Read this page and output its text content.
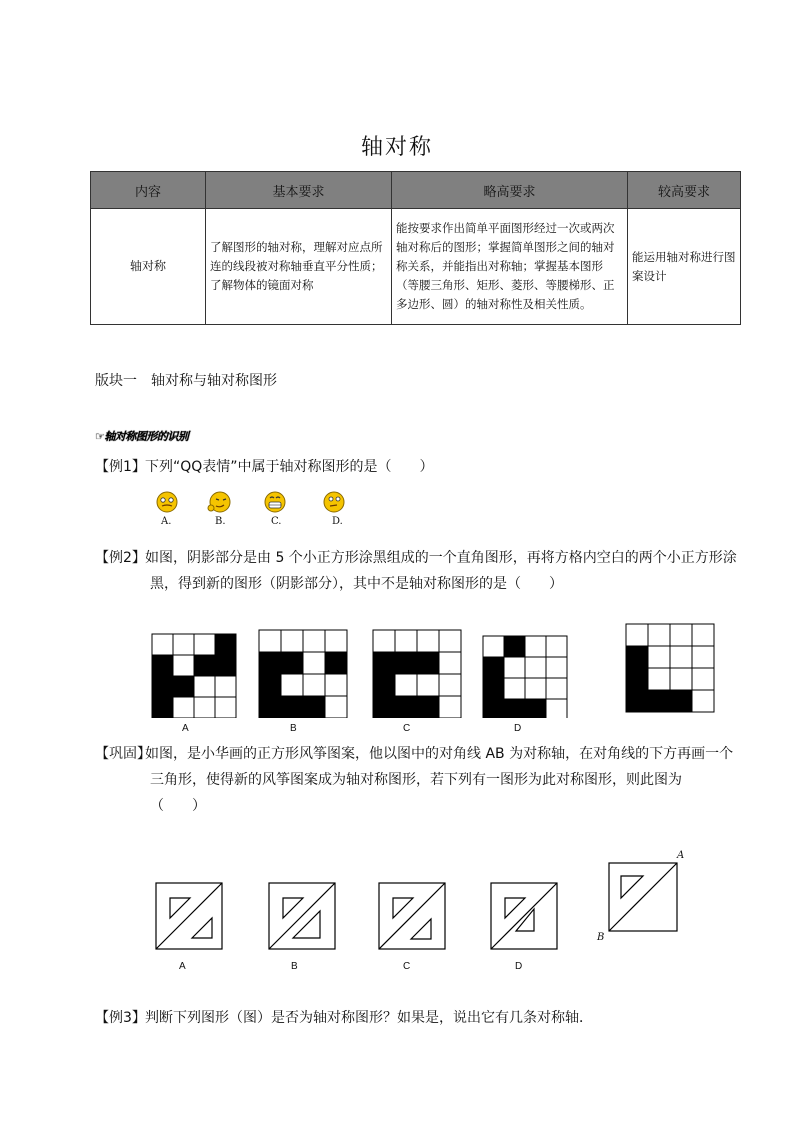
轴对称
内容	基本要求	略高要求	较高要求
轴对称	了解图形的轴对称，理解对应点所连的线段被对称轴垂直平分性质；了解物体的镜面对称	能按要求作出简单平面图形经过一次或两次轴对称后的图形；掌握简单图形之间的轴对称关系，并能指出对称轴；掌握基本图形（等腰三角形、矩形、菱形、等腰梯形、正多边形、圆）的轴对称性及相关性质。	能运用轴对称进行图案设计
版块一　轴对称与轴对称图形
☞轴对称图形的识别
【例1】下列“QQ表情”中属于轴对称图形的是（　　）
A.	B.	C.	D.
【例2】如图，阴影部分是由 5 个小正方形涂黑组成的一个直角图形，再将方格内空白的两个小正方形涂
黑，得到新的图形（阴影部分），其中不是轴对称图形的是（　　）
A	B	C	D
【巩固】如图，是小华画的正方形风筝图案，他以图中的对角线 AB 为对称轴，在对角线的下方再画一个
三角形，使得新的风筝图案成为轴对称图形，若下列有一图形为此对称图形，则此图为
（　　）
A	B	C	D
A
B
【例3】判断下列图形（图）是否为轴对称图形？如果是，说出它有几条对称轴．
